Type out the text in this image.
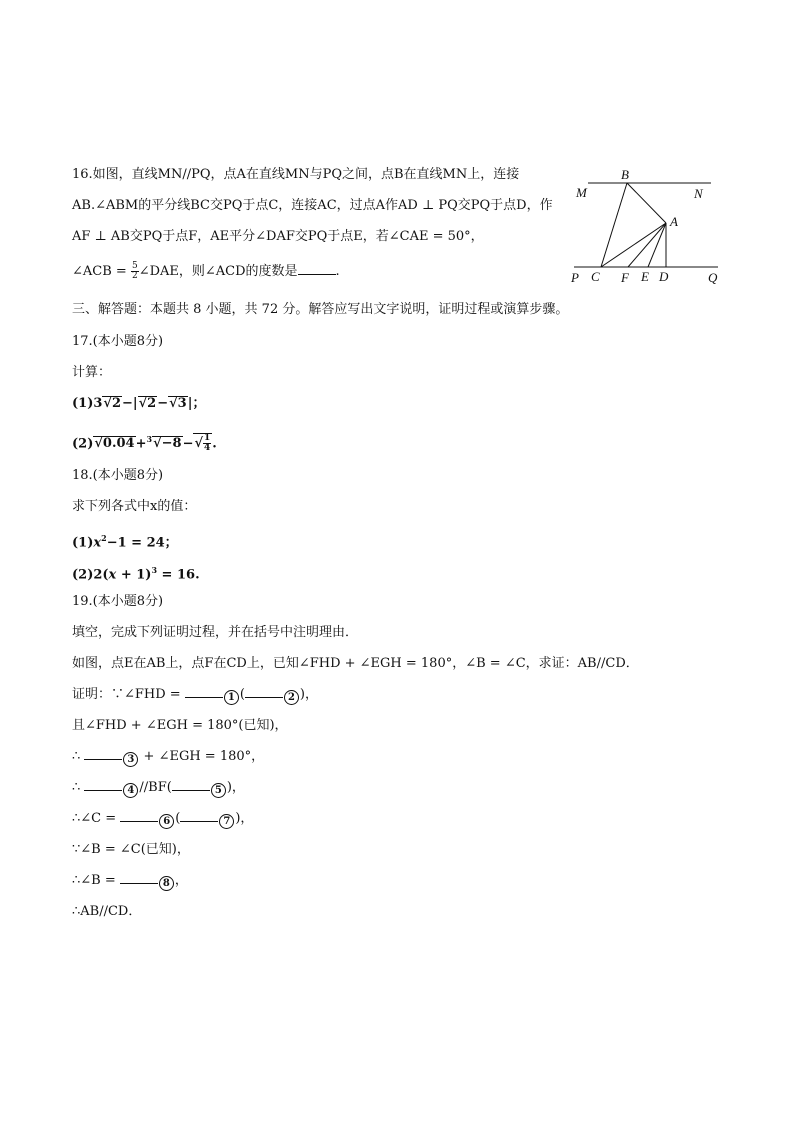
16.如图，直线MN//PQ，点A在直线MN与PQ之间，点B在直线MN上，连接
AB.∠ABM的平分线BC交PQ于点C，连接AC，过点A作AD ⊥ PQ交PQ于点D，作
AF ⊥ AB交PQ于点F，AE平分∠DAF交PQ于点E，若∠CAE = 50°，
∠ACB = $\frac{5}{2}$ ∠DAE，则∠ACD的度数是	.
B
M	N
A
P C F E D	Q
三、解答题：本题共 8 小题，共 72 分。解答应写出文字说明，证明过程或演算步骤。
17.(本小题8分)
计算：
(1)3√2−|√2−√3|；
$(2)√0.04+^3√-8-√ \frac{1}{4}$ .
18.(本小题8分)
求下列各式中x的值：
$(1)x^2-1 = 24$；
$(2)2(x + 1)^3 = 16$.
19.(本小题8分)
填空，完成下列证明过程，并在括号中注明理由．
如图，点E在AB上，点F在CD上，已知∠FHD + ∠EGH = 180°，∠B = ∠C，求证：AB//CD．
证明：∵∠FHD =	1 (	2 )，
且∠FHD + ∠EGH = 180°(已知)，
∴	3 + ∠EGH = 180°，
∴	4 //BF(	5 )，
∴∠C =	6 (	7 )，
∵∠B = ∠C(已知)，
∴∠B =	8 ，
∴AB//CD．
